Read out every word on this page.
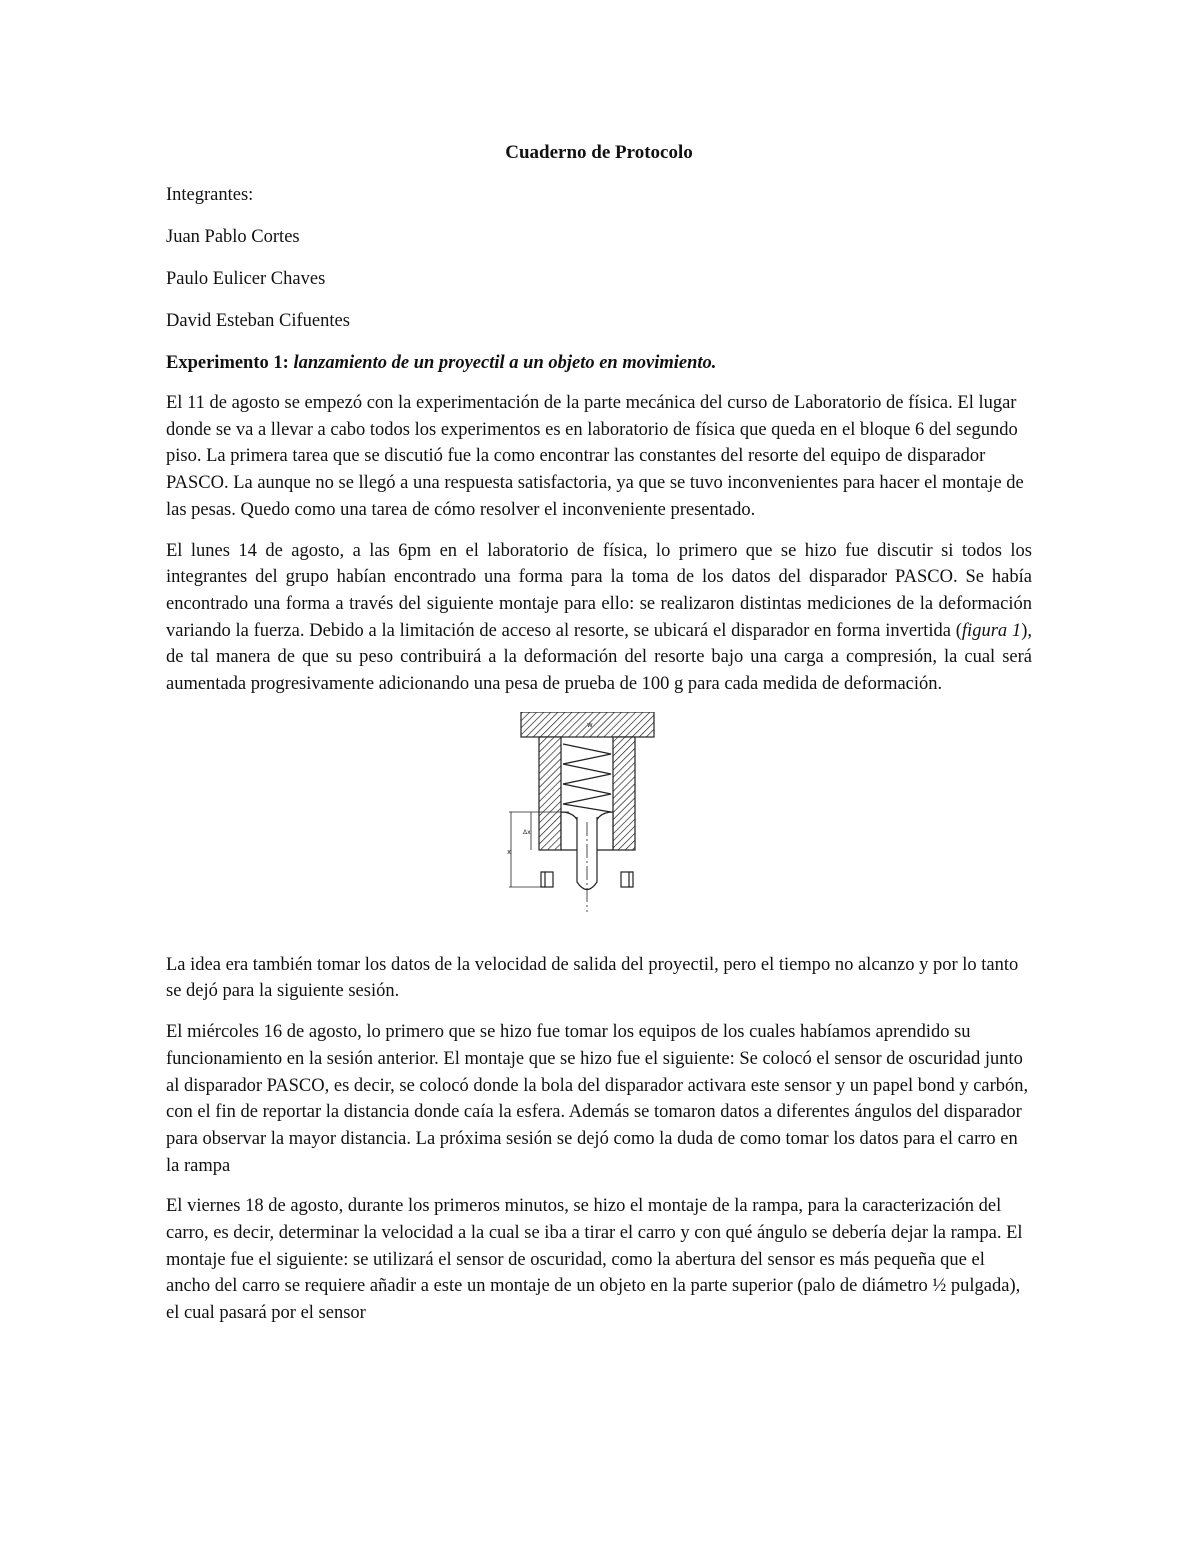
Cuaderno de Protocolo
Integrantes:
Juan Pablo Cortes
Paulo Eulicer Chaves
David Esteban Cifuentes
Experimento 1: lanzamiento de un proyectil a un objeto en movimiento.

El 11 de agosto se empezó con la experimentación de la parte mecánica del curso de Laboratorio de física. El lugar donde se va a llevar a cabo todos los experimentos es en laboratorio de física que queda en el bloque 6 del segundo piso. La primera tarea que se discutió fue la como encontrar las constantes del resorte del equipo de disparador PASCO. La aunque no se llegó a una respuesta satisfactoria, ya que se tuvo inconvenientes para hacer el montaje de las pesas. Quedo como una tarea de cómo resolver el inconveniente presentado.

El lunes 14 de agosto, a las 6pm en el laboratorio de física, lo primero que se hizo fue discutir si todos los integrantes del grupo habían encontrado una forma para la toma de los datos del disparador PASCO. Se había encontrado una forma a través del siguiente montaje para ello: se realizaron distintas mediciones de la deformación variando la fuerza. Debido a la limitación de acceso al resorte, se ubicará el disparador en forma invertida (figura 1), de tal manera de que su peso contribuirá a la deformación del resorte bajo una carga a compresión, la cual será aumentada progresivamente adicionando una pesa de prueba de 100 g para cada medida de deformación.

w
x
Δx

La idea era también tomar los datos de la velocidad de salida del proyectil, pero el tiempo no alcanzo y por lo tanto se dejó para la siguiente sesión.

El miércoles 16 de agosto, lo primero que se hizo fue tomar los equipos de los cuales habíamos aprendido su funcionamiento en la sesión anterior. El montaje que se hizo fue el siguiente: Se colocó el sensor de oscuridad junto al disparador PASCO, es decir, se colocó donde la bola del disparador activara este sensor y un papel bond y carbón, con el fin de reportar la distancia donde caía la esfera. Además se tomaron datos a diferentes ángulos del disparador para observar la mayor distancia. La próxima sesión se dejó como la duda de como tomar los datos para el carro en la rampa

El viernes 18 de agosto, durante los primeros minutos, se hizo el montaje de la rampa, para la caracterización del carro, es decir, determinar la velocidad a la cual se iba a tirar el carro y con qué ángulo se debería dejar la rampa. El montaje fue el siguiente: se utilizará el sensor de oscuridad, como la abertura del sensor es más pequeña que el ancho del carro se requiere añadir a este un montaje de un objeto en la parte superior (palo de diámetro ½ pulgada), el cual pasará por el sensor
